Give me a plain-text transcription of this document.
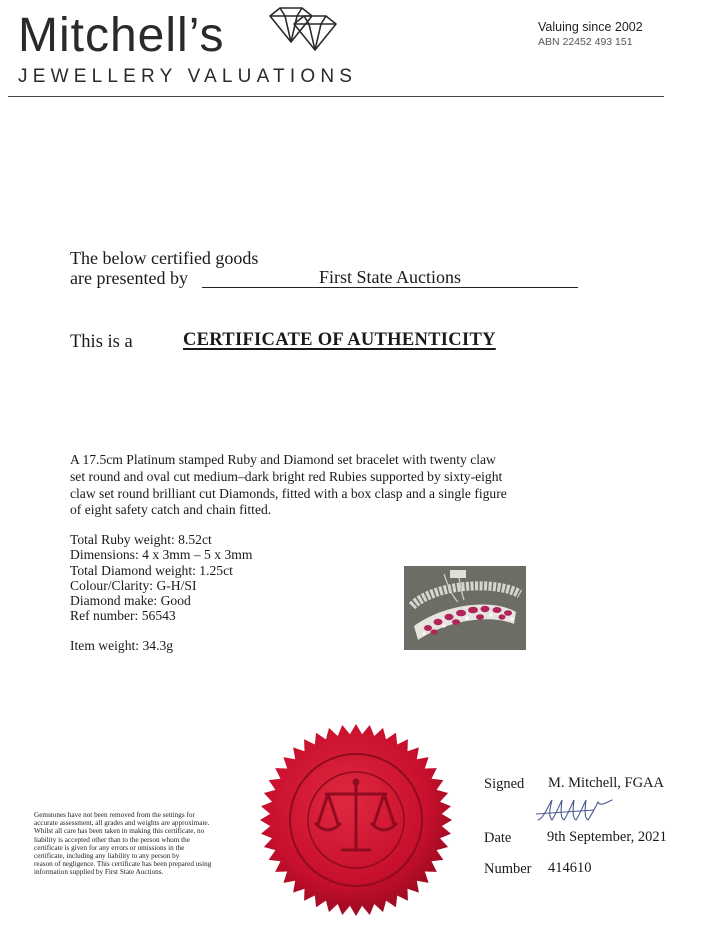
Mitchell’s
JEWELLERY VALUATIONS
Valuing since 2002
ABN 22452 493 151
The below certified goods
are presented by	First State Auctions
This is a	CERTIFICATE OF AUTHENTICITY
A 17.5cm Platinum stamped Ruby and Diamond set bracelet with twenty claw
set round and oval cut medium–dark bright red Rubies supported by sixty-eight
claw set round brilliant cut Diamonds, fitted with a box clasp and a single figure
of eight safety catch and chain fitted.
Total Ruby weight: 8.52ct
Dimensions: 4 x 3mm – 5 x 3mm
Total Diamond weight: 1.25ct
Colour/Clarity: G-H/SI
Diamond make: Good
Ref number: 56543
Item weight: 34.3g
Gemstones have not been removed from the settings for
accurate assessment, all grades and weights are approximate.
Whilst all care has been taken in making this certificate, no
liability is accepted other than to the person whom the
certificate is given for any errors or omissions in the
certificate, including any liability to any person by
reason of negligence. This certificate has been prepared using
information supplied by First State Auctions.
Signed M. Mitchell, FGAA
Date 9th September, 2021
Number 414610
